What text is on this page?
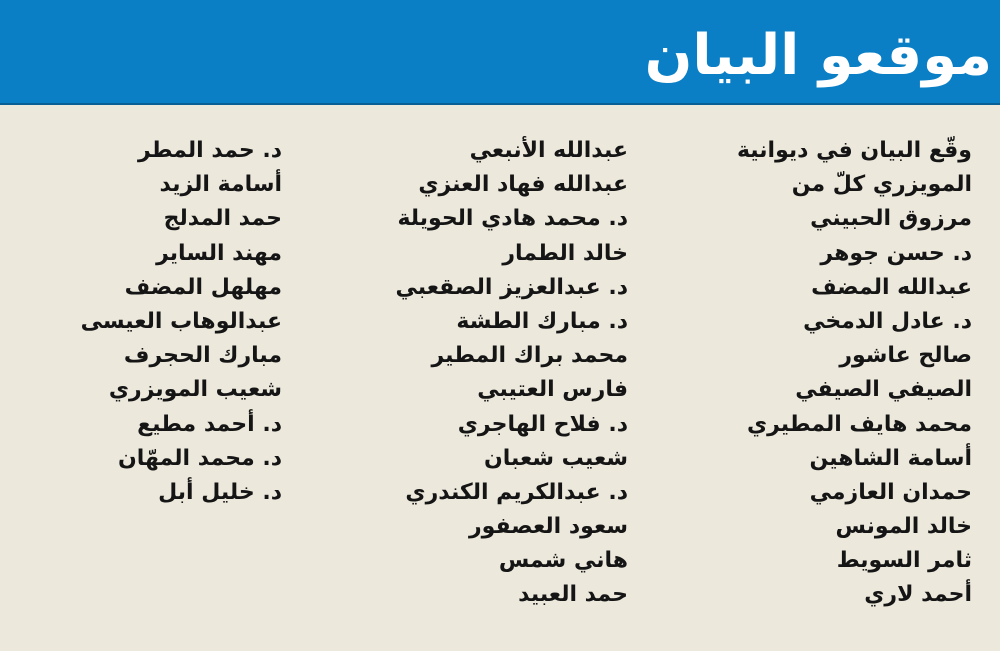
موقعو البيان
وقّع البيان في ديوانية
المويزري كلّ من
مرزوق الحبيني
د. حسن جوهر
عبدالله المضف
د. عادل الدمخي
صالح عاشور
الصيفي الصيفي
محمد هايف المطيري
أسامة الشاهين
حمدان العازمي
خالد المونس
ثامر السويط
أحمد لاري
عبدالله الأنبعي
عبدالله فهاد العنزي
د. محمد هادي الحويلة
خالد الطمار
د. عبدالعزيز الصقعبي
د. مبارك الطشة
محمد براك المطير
فارس العتيبي
د. فلاح الهاجري
شعيب شعبان
د. عبدالكريم الكندري
سعود العصفور
هاني شمس
حمد العبيد
د. حمد المطر
أسامة الزيد
حمد المدلج
مهند الساير
مهلهل المضف
عبدالوهاب العيسى
مبارك الحجرف
شعيب المويزري
د. أحمد مطيع
د. محمد المهّان
د. خليل أبل
